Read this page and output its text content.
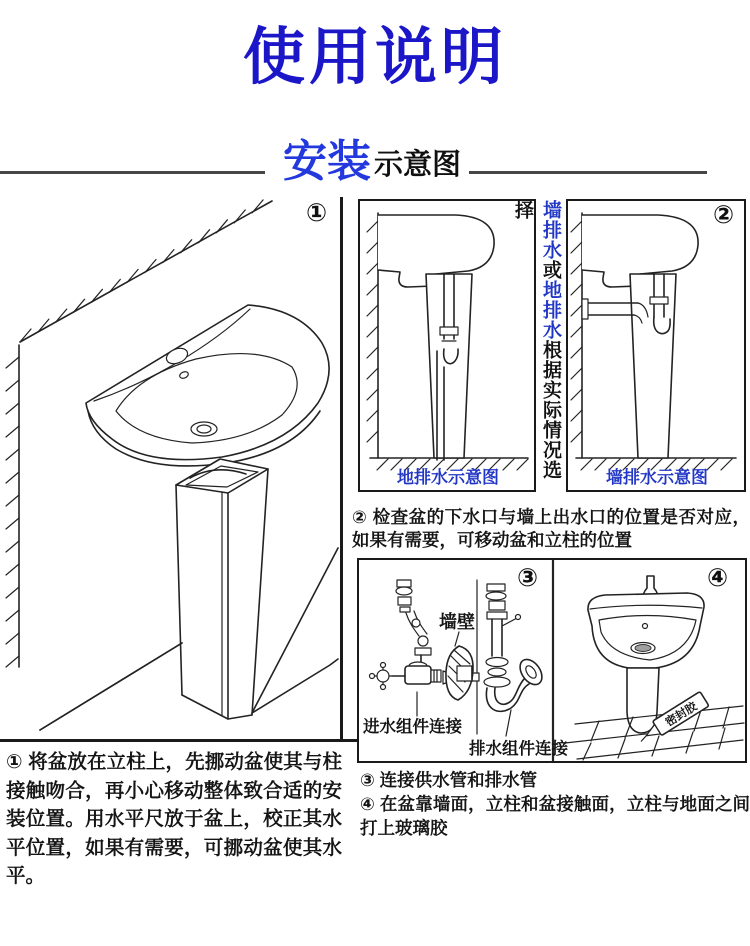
使用说明
安装 示意图
地排水示意图
墙排水或地排水根据实际情况选择
墙排水示意图
墙壁
进水组件连接
排水组件连接
密封胶
①	②
③	④

① 将盆放在立柱上，先挪动盆使其与柱接触吻合，再小心移动整体致合适的安装位置。用水平尺放于盆上，校正其水平位置，如果有需要，可挪动盆使其水平。

② 检查盆的下水口与墙上出水口的位置是否对应，如果有需要，可移动盆和立柱的位置

③ 连接供水管和排水管

④ 在盆靠墙面，立柱和盆接触面，立柱与地面之间打上玻璃胶
